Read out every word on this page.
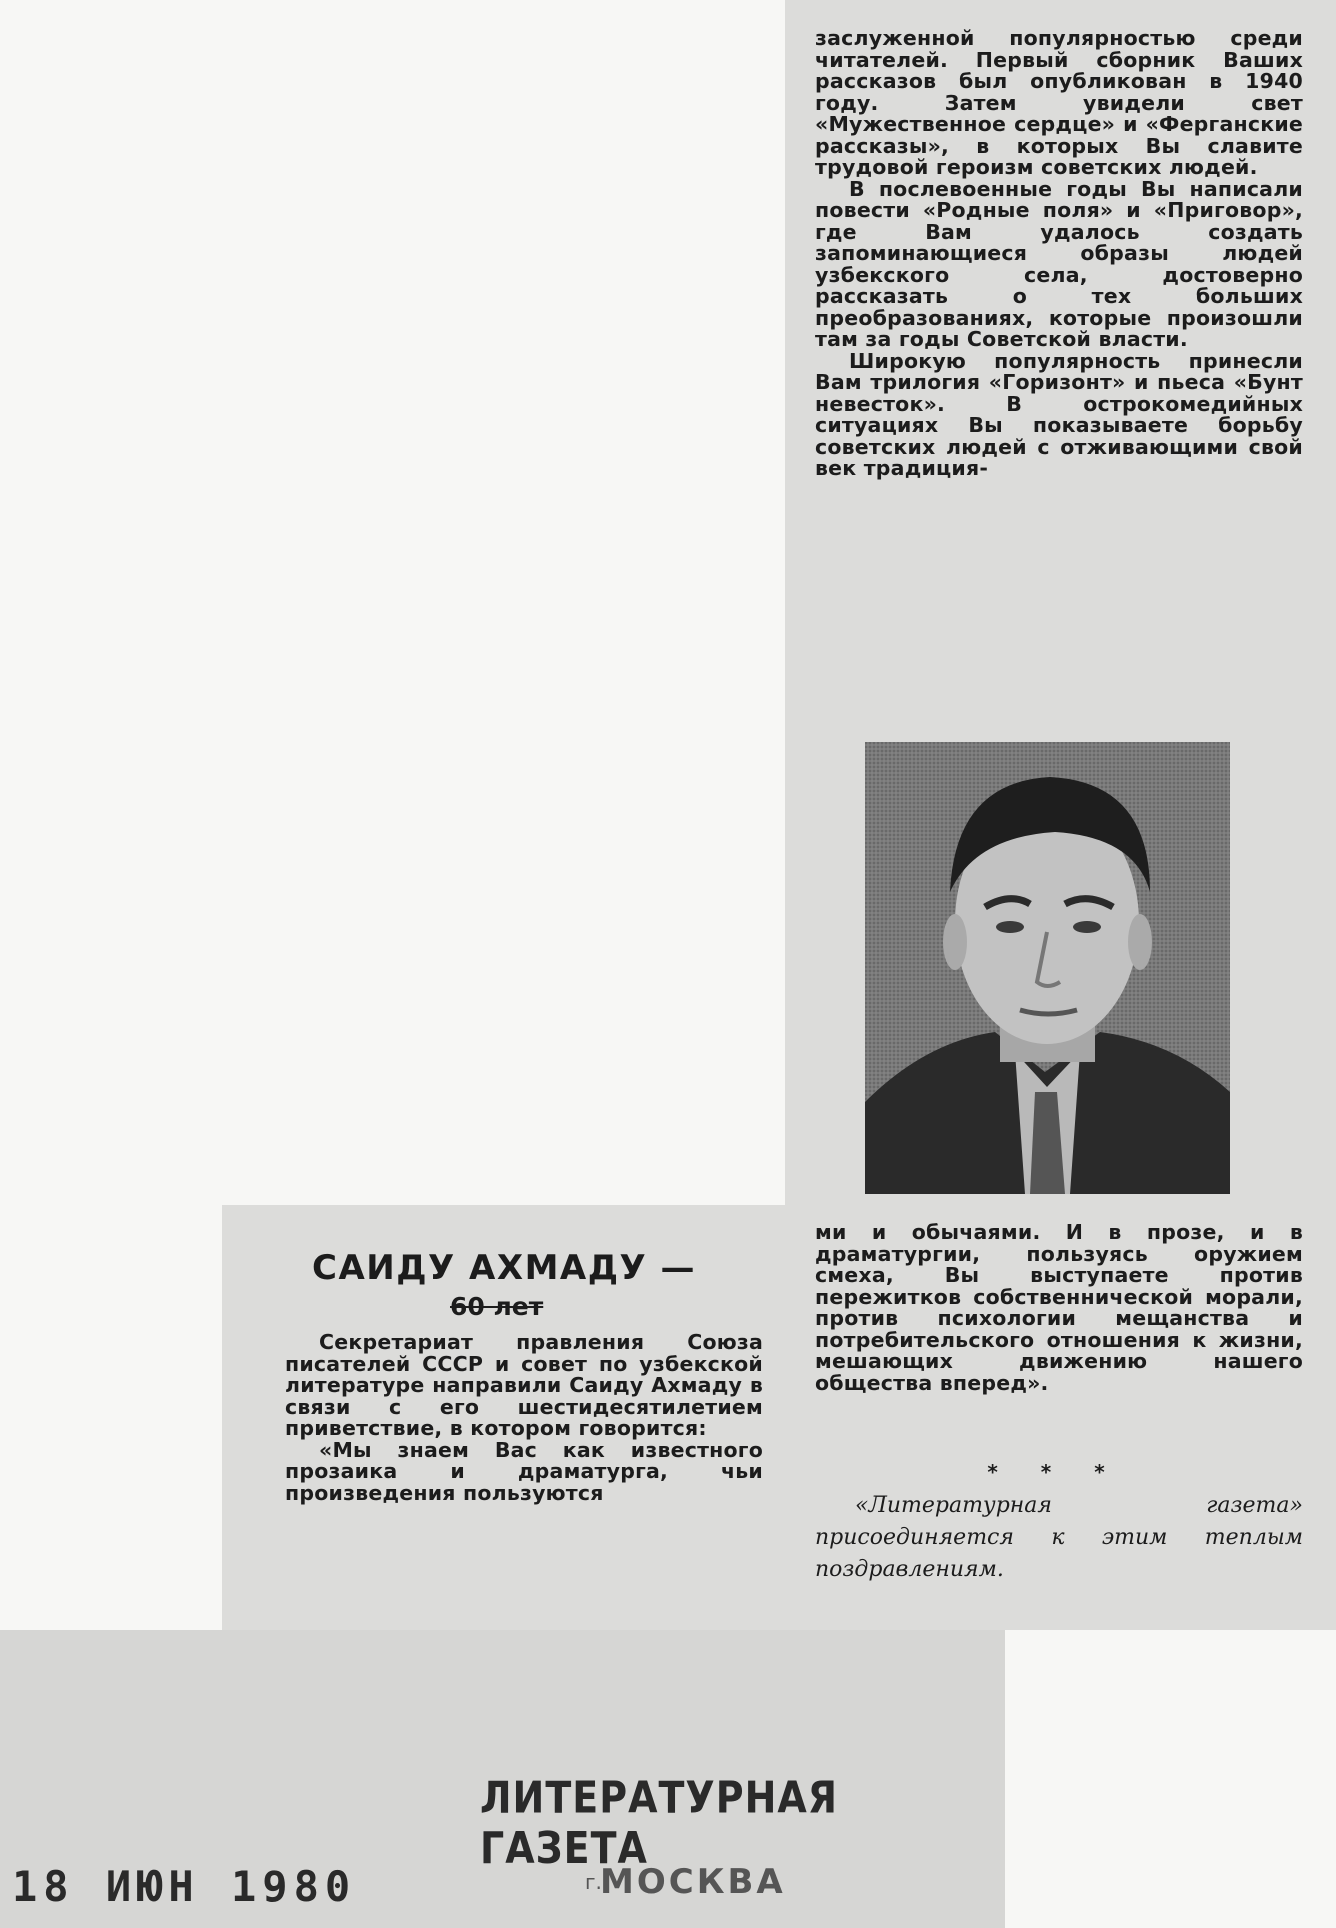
заслуженной популярностью среди читателей. Первый сборник Ваших рассказов был опубликован в 1940 году. Затем увидели свет «Мужественное сердце» и «Ферганские рассказы», в которых Вы славите трудовой героизм советских людей.

В послевоенные годы Вы написали повести «Родные поля» и «Приговор», где Вам удалось создать запоминающиеся образы людей узбекского села, достоверно рассказать о тех больших преобразованиях, которые произошли там за годы Советской власти.

Широкую популярность принесли Вам трилогия «Горизонт» и пьеса «Бунт невесток». В острокомедийных ситуациях Вы показываете борьбу советских людей с отживающими свой век традиция-

САИДУ АХМАДУ —
60 лет

Секретариат правления Союза писателей СССР и совет по узбекской литературе направили Саиду Ахмаду в связи с его шестидесятилетием приветствие, в котором говорится:

«Мы знаем Вас как известного прозаика и драматурга, чьи произведения пользуются

ми и обычаями. И в прозе, и в драматургии, пользуясь оружием смеха, Вы выступаете против пережитков собственнической морали, против психологии мещанства и потребительского отношения к жизни, мешающих движению нашего общества вперед».

* * *
«Литературная газета» присоединяется к этим теплым поздравлениям.
18 ИЮН 1980
ЛИТЕРАТУРНАЯ ГАЗЕТА
г.
МОСКВА
